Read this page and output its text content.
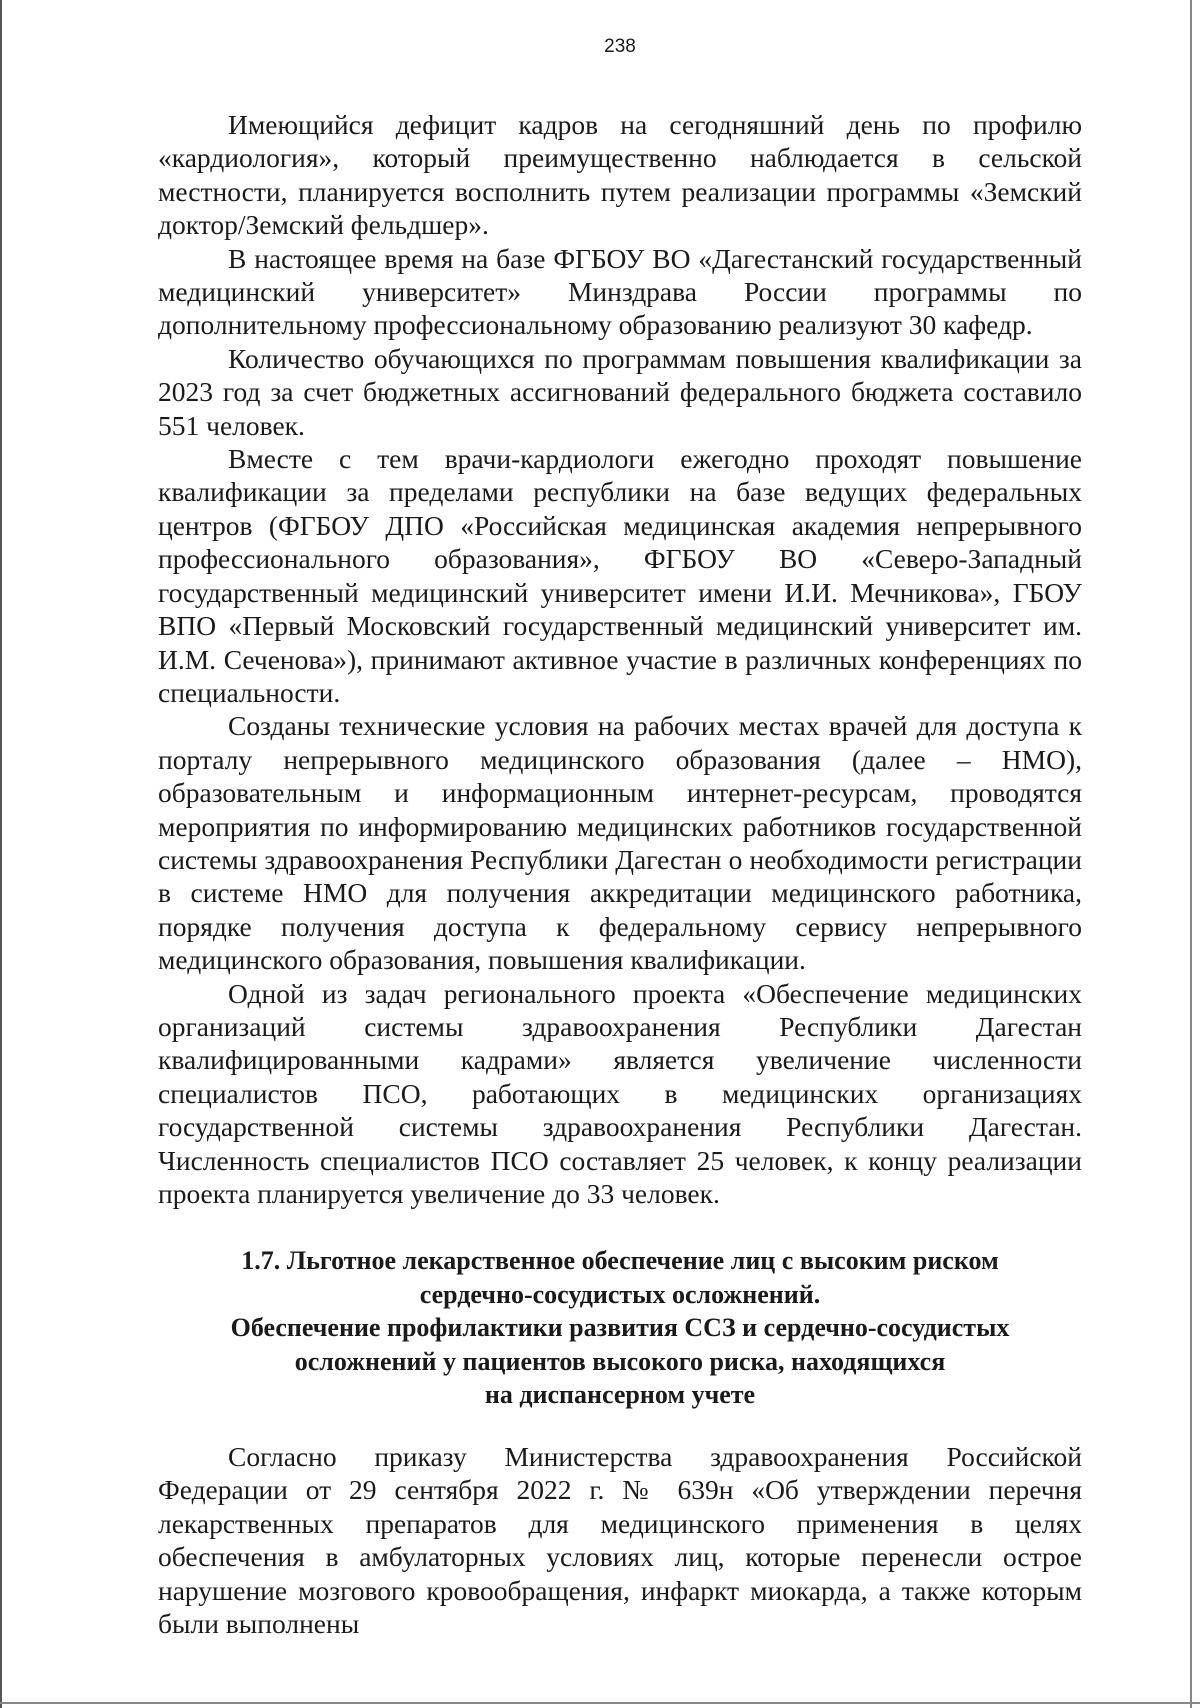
238

Имеющийся дефицит кадров на сегодняшний день по профилю «кардиология», который преимущественно наблюдается в сельской местности, планируется восполнить путем реализации программы «Земский доктор/Земский фельдшер».

В настоящее время на базе ФГБОУ ВО «Дагестанский государственный медицинский университет» Минздрава России программы по дополнительному профессиональному образованию реализуют 30 кафедр.

Количество обучающихся по программам повышения квалификации за 2023 год за счет бюджетных ассигнований федерального бюджета составило 551 человек.

Вместе с тем врачи-кардиологи ежегодно проходят повышение квалификации за пределами республики на базе ведущих федеральных центров (ФГБОУ ДПО «Российская медицинская академия непрерывного профессионального образования», ФГБОУ ВО «Северо-Западный государственный медицинский университет имени И.И. Мечникова», ГБОУ ВПО «Первый Московский государственный медицинский университет им. И.М. Сеченова»), принимают активное участие в различных конференциях по специальности.

Созданы технические условия на рабочих местах врачей для доступа к порталу непрерывного медицинского образования (далее – НМО), образовательным и информационным интернет-ресурсам, проводятся мероприятия по информированию медицинских работников государственной системы здравоохранения Республики Дагестан о необходимости регистрации в системе НМО для получения аккредитации медицинского работника, порядке получения доступа к федеральному сервису непрерывного медицинского образования, повышения квалификации.

Одной из задач регионального проекта «Обеспечение медицинских организаций системы здравоохранения Республики Дагестан квалифицированными кадрами» является увеличение численности специалистов ПСО, работающих в медицинских организациях государственной системы здравоохранения Республики Дагестан. Численность специалистов ПСО составляет 25 человек, к концу реализации проекта планируется увеличение до 33 человек.

1.7. Льготное лекарственное обеспечение лиц с высоким риском
сердечно-сосудистых осложнений.
Обеспечение профилактики развития ССЗ и сердечно-сосудистых
осложнений у пациентов высокого риска, находящихся
на диспансерном учете

Согласно приказу Министерства здравоохранения Российской Федерации от 29 сентября 2022 г. № 639н «Об утверждении перечня лекарственных препаратов для медицинского применения в целях обеспечения в амбулаторных условиях лиц, которые перенесли острое нарушение мозгового кровообращения, инфаркт миокарда, а также которым были выполнены
